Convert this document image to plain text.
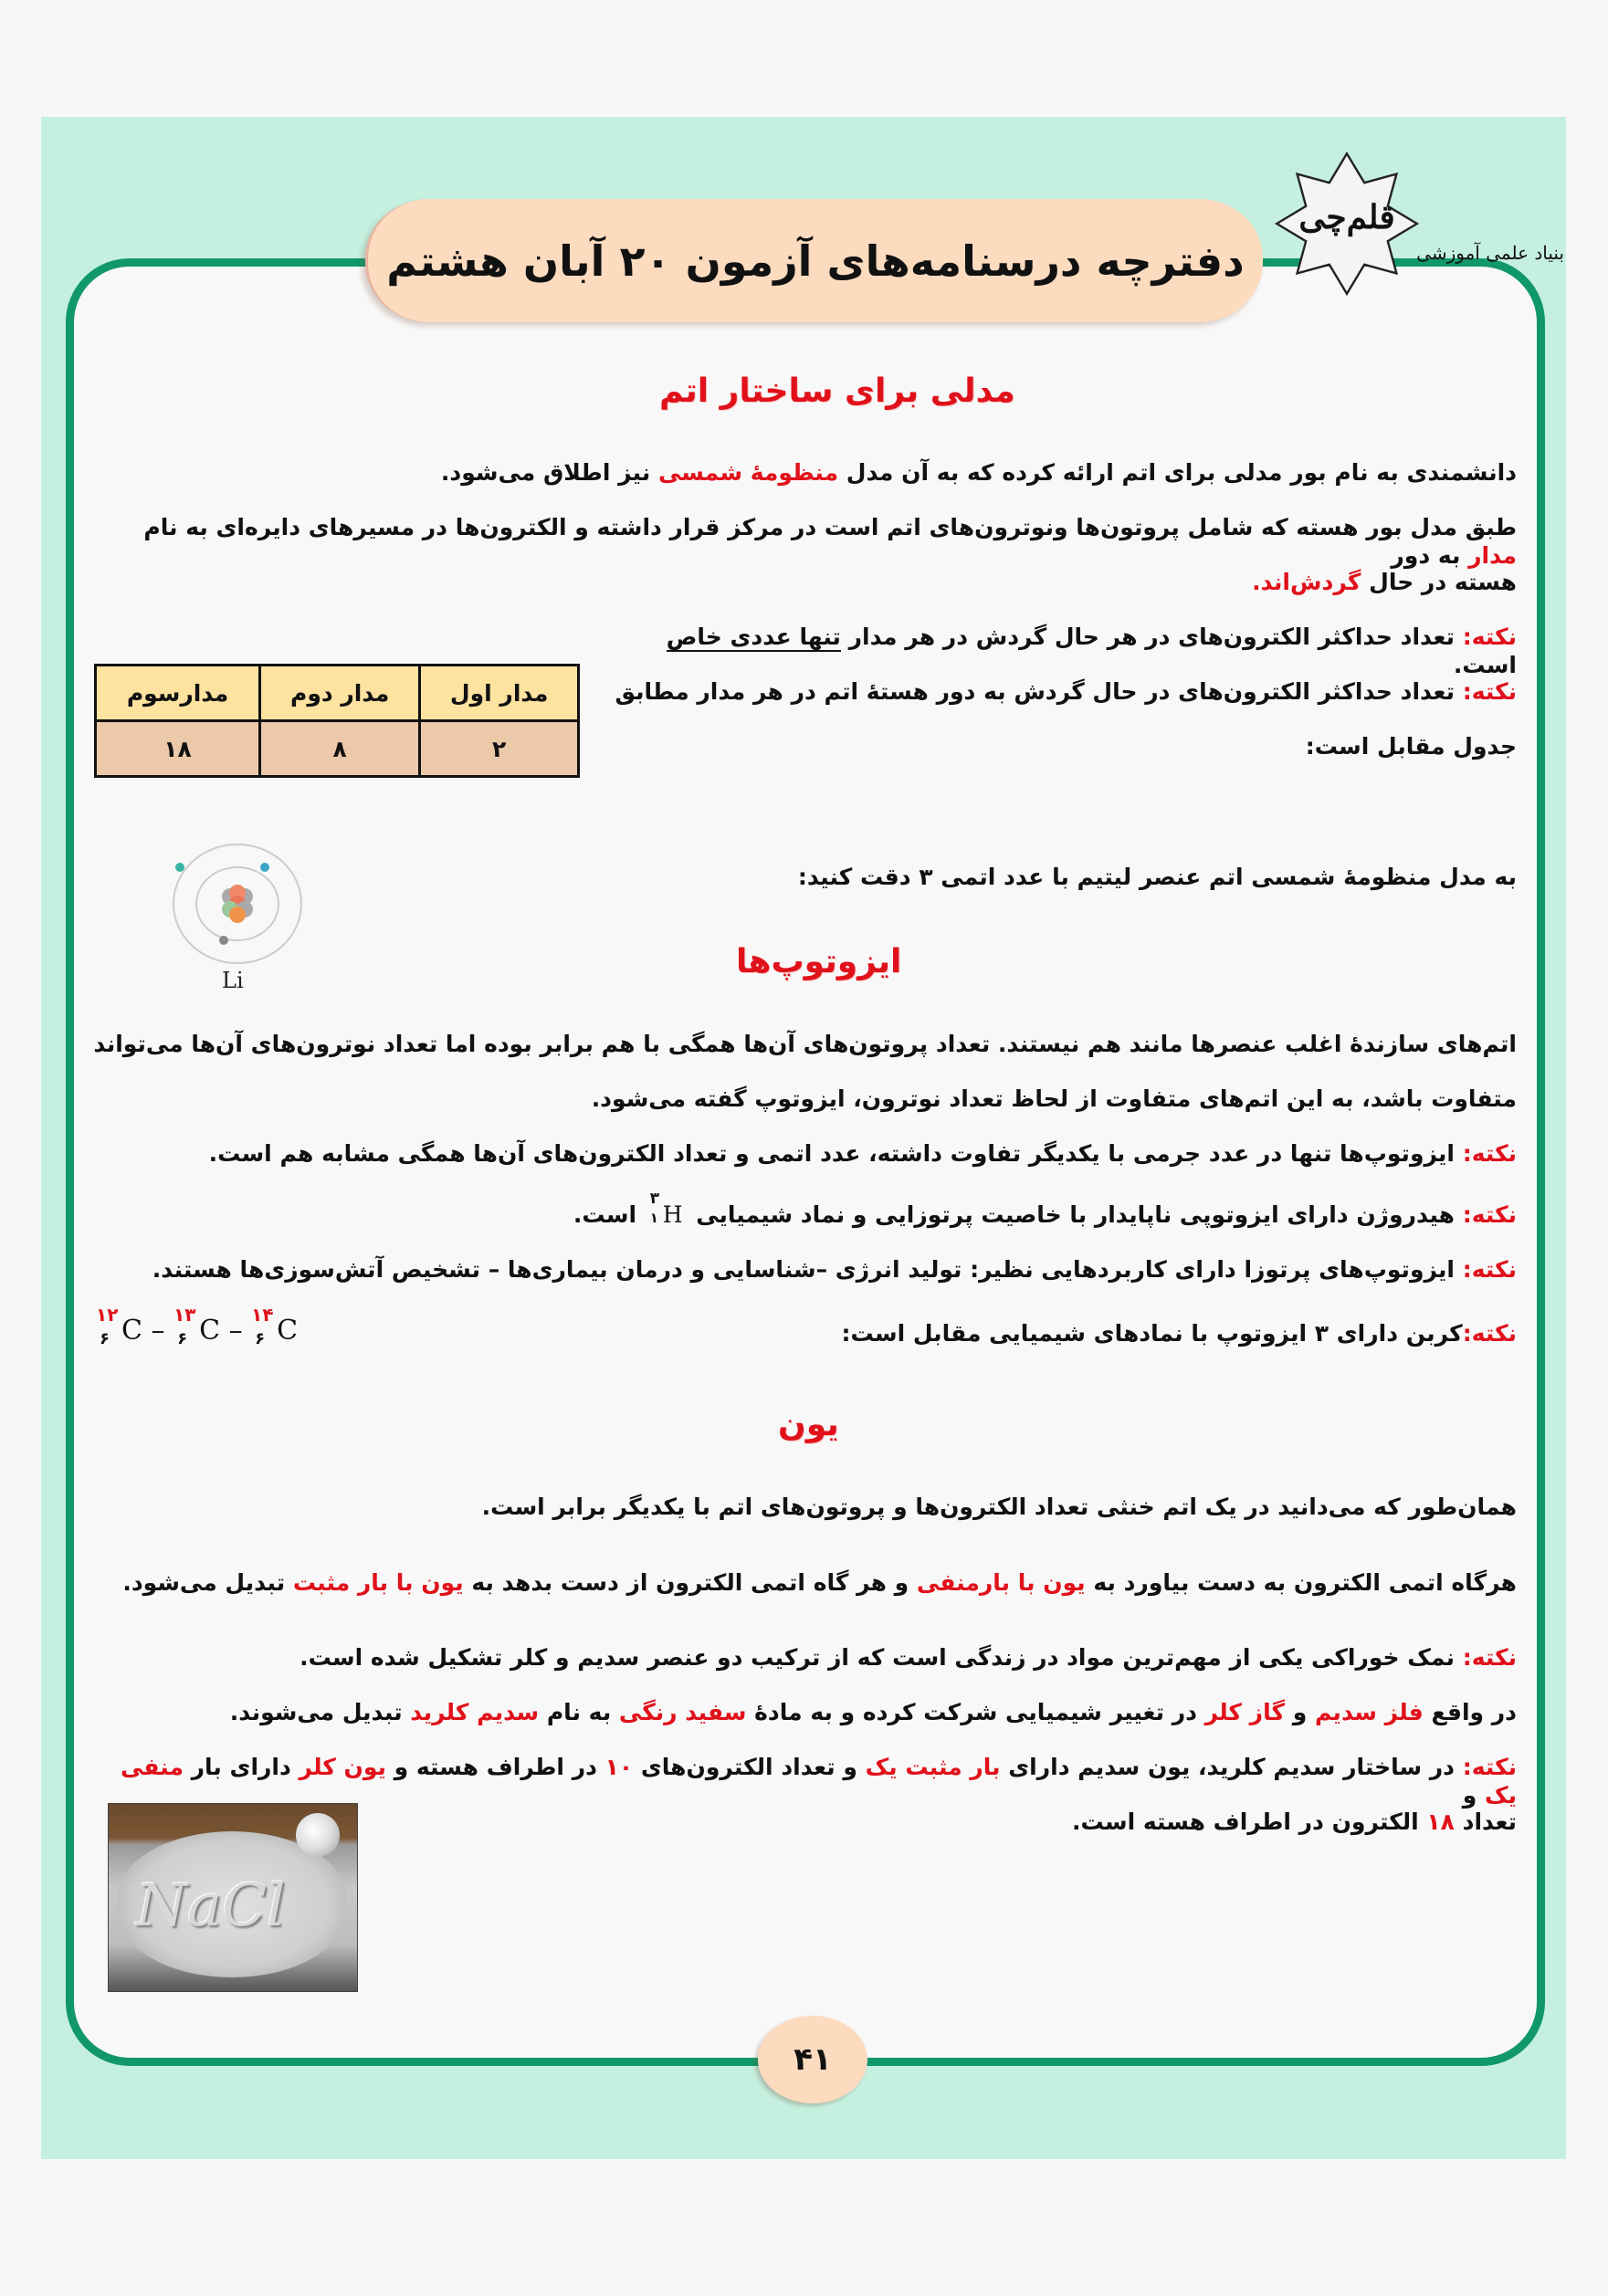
دفترچه درسنامه‌های آزمون ۲۰ آبان هشتم
قلم‌چی
بنیاد علمی آموزشی
مدلی برای ساختار اتم
دانشمندی به نام بور مدلی برای اتم ارائه کرده که به آن مدل منظومهٔ شمسی نیز اطلاق می‌شود.
طبق مدل بور هسته که شامل پروتون‌ها ونوترون‌های اتم است در مرکز قرار داشته و الکترون‌ها در مسیرهای دایره‌ای به نام مدار به دور
هسته در حال گردش‌اند.
نکته: تعداد حداکثر الکترون‌های در هر حال گردش در هر مدار تنها عددی خاص است.
نکته: تعداد حداکثر الکترون‌های در حال گردش به دور هستهٔ اتم در هر مدار مطابق
جدول مقابل است:
مدار اول	مدار دوم	مدارسوم
۲	۸	۱۸
به مدل منظومهٔ شمسی اتم عنصر لیتیم با عدد اتمی ۳ دقت کنید:
Li	ایزوتوپ‌ها
اتم‌های سازندهٔ اغلب عنصرها مانند هم نیستند. تعداد پروتون‌های آن‌ها همگی با هم برابر بوده اما تعداد نوترون‌های آن‌ها می‌تواند
متفاوت باشد، به این اتم‌های متفاوت از لحاظ تعداد نوترون، ایزوتوپ گفته می‌شود.
نکته: ایزوتوپ‌ها تنها در عدد جرمی با یکدیگر تفاوت داشته، عدد اتمی و تعداد الکترون‌های آن‌ها همگی مشابه هم است.
نکته: هیدروژن دارای ایزوتوپی ناپایدار با خاصیت پرتوزایی و نماد شیمیایی
۳
۱ H است.
نکته: ایزوتوپ‌های پرتوزا دارای کاربردهایی نظیر: تولید انرژی –شناسایی و درمان بیماری‌ها – تشخیص آتش‌سوزی‌ها هستند.
نکته:کربن دارای ۳ ایزوتوپ با نمادهای شیمیایی مقابل است:
۱۲
۶ C – ۱۳
۶ C – ۱۴
۶ C
یون
همان‌طور که می‌دانید در یک اتم خنثی تعداد الکترون‌ها و پروتون‌های اتم با یکدیگر برابر است.
هرگاه اتمی الکترون به دست بیاورد به یون با بارمنفی و هر گاه اتمی الکترون از دست بدهد به یون با بار مثبت تبدیل می‌شود.
نکته: نمک خوراکی یکی از مهم‌ترین مواد در زندگی است که از ترکیب دو عنصر سدیم و کلر تشکیل شده است.
در واقع فلز سدیم و گاز کلر در تغییر شیمیایی شرکت کرده و به مادهٔ سفید رنگی به نام سدیم کلرید تبدیل می‌شوند.
نکته: در ساختار سدیم کلرید، یون سدیم دارای بار مثبت یک و تعداد الکترون‌های ۱۰ در اطراف هسته و یون کلر دارای بار منفی یک و
تعداد ۱۸ الکترون در اطراف هسته است.
NaCl
۴۱
